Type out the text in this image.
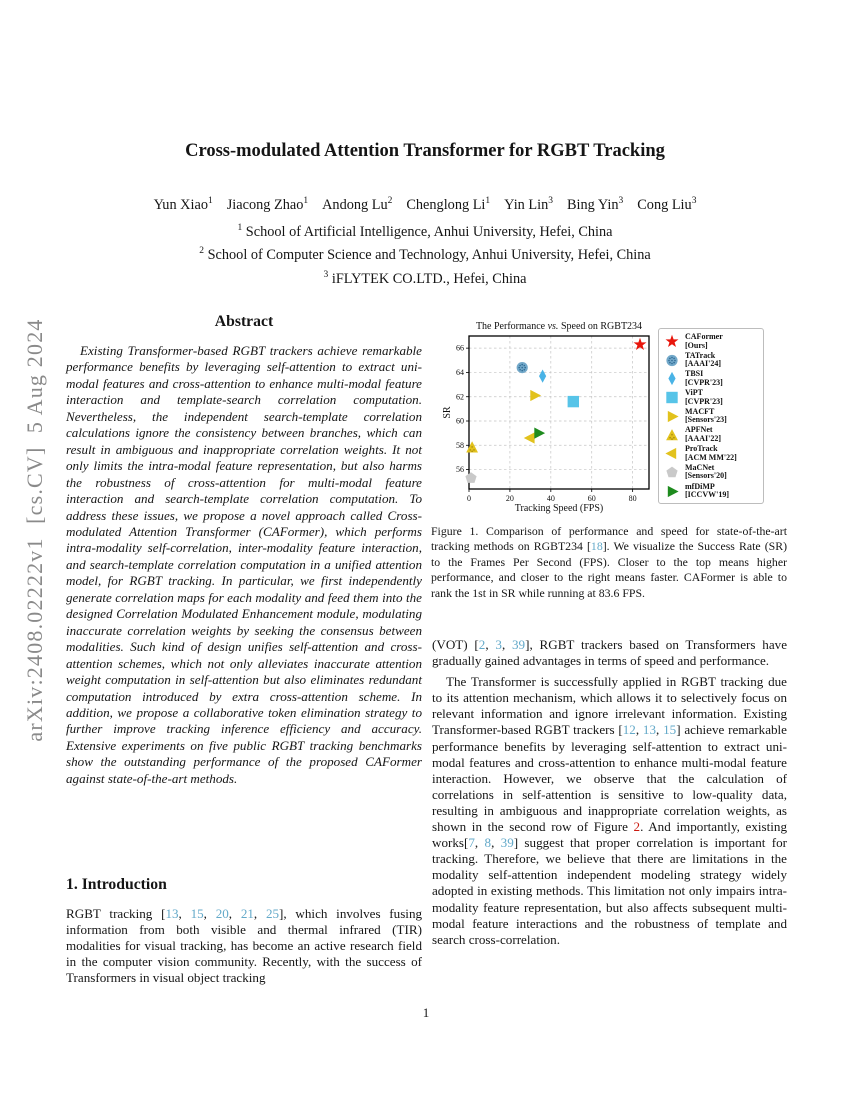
arXiv:2408.02222v1  [cs.CV]  5 Aug 2024
Cross-modulated Attention Transformer for RGBT Tracking
Yun Xiao$^1$ Jiacong Zhao$^1$ Andong Lu$^2$ Chenglong Li$^1$ Yin Lin$^3$ Bing Yin$^3$ Cong Liu$^3$
$^1$ School of Artificial Intelligence, Anhui University, Hefei, China
$^2$ School of Computer Science and Technology, Anhui University, Hefei, China
$^3$ iFLYTEK CO.LTD., Hefei, China
Abstract
Existing Transformer-based RGBT trackers achieve remarkable performance benefits by leveraging self-attention to extract uni-modal features and cross-attention to enhance multi-modal feature interaction and template-search correlation computation. Nevertheless, the independent search-template correlation calculations ignore the consistency between branches, which can result in ambiguous and inappropriate correlation weights. It not only limits the intra-modal feature representation, but also harms the robustness of cross-attention for multi-modal feature interaction and search-template correlation computation. To address these issues, we propose a novel approach called Cross-modulated Attention Transformer (CAFormer), which performs intra-modality self-correlation, inter-modality feature interaction, and search-template correlation computation in a unified attention model, for RGBT tracking. In particular, we first independently generate correlation maps for each modality and feed them into the designed Correlation Modulated Enhancement module, modulating inaccurate correlation weights by seeking the consensus between modalities. Such kind of design unifies self-attention and cross-attention schemes, which not only alleviates inaccurate attention weight computation in self-attention but also eliminates redundant computation introduced by extra cross-attention scheme. In addition, we propose a collaborative token elimination strategy to further improve tracking inference efficiency and accuracy. Extensive experiments on five public RGBT tracking benchmarks show the outstanding performance of the proposed CAFormer against state-of-the-art methods.
1. Introduction
RGBT tracking [13, 15, 20, 21, 25], which involves fusing information from both visible and thermal infrared (TIR) modalities for visual tracking, has become an active research field in the computer vision community. Recently, with the success of Transformers in visual object tracking
0	20	40	60	80
56
58
60
62
64
66
The Performance vs. Speed on RGBT234
Tracking Speed (FPS)
SR
CAFormer
[Ours]
TATrack
[AAAI'24]
TBSI
[CVPR'23]
ViPT
[CVPR'23]
MACFT
[Sensors'23]
APFNet
[AAAI'22]
ProTrack
[ACM MM'22]
MaCNet
[Sensors'20]
mfDiMP
[ICCVW'19]
Figure 1. Comparison of performance and speed for state-of-the-art tracking methods on RGBT234 [18]. We visualize the Success Rate (SR) to the Frames Per Second (FPS). Closer to the top means higher performance, and closer to the right means faster. CAFormer is able to rank the 1st in SR while running at 83.6 FPS.
(VOT) [2, 3, 39], RGBT trackers based on Transformers have gradually gained advantages in terms of speed and performance.
The Transformer is successfully applied in RGBT tracking due to its attention mechanism, which allows it to selectively focus on relevant information and ignore irrelevant information. Existing Transformer-based RGBT trackers [12, 13, 15] achieve remarkable performance benefits by leveraging self-attention to extract uni-modal features and cross-attention to enhance multi-modal feature interaction. However, we observe that the calculation of correlations in self-attention is sensitive to low-quality data, resulting in ambiguous and inappropriate correlation weights, as shown in the second row of Figure 2. And importantly, existing works[7, 8, 39] suggest that proper correlation is important for tracking. Therefore, we believe that there are limitations in the modality self-attention independent modeling strategy widely adopted in existing methods. This limitation not only impairs intra-modality feature representation, but also affects subsequent multi-modal feature interactions and the robustness of template and search cross-correlation.
1
